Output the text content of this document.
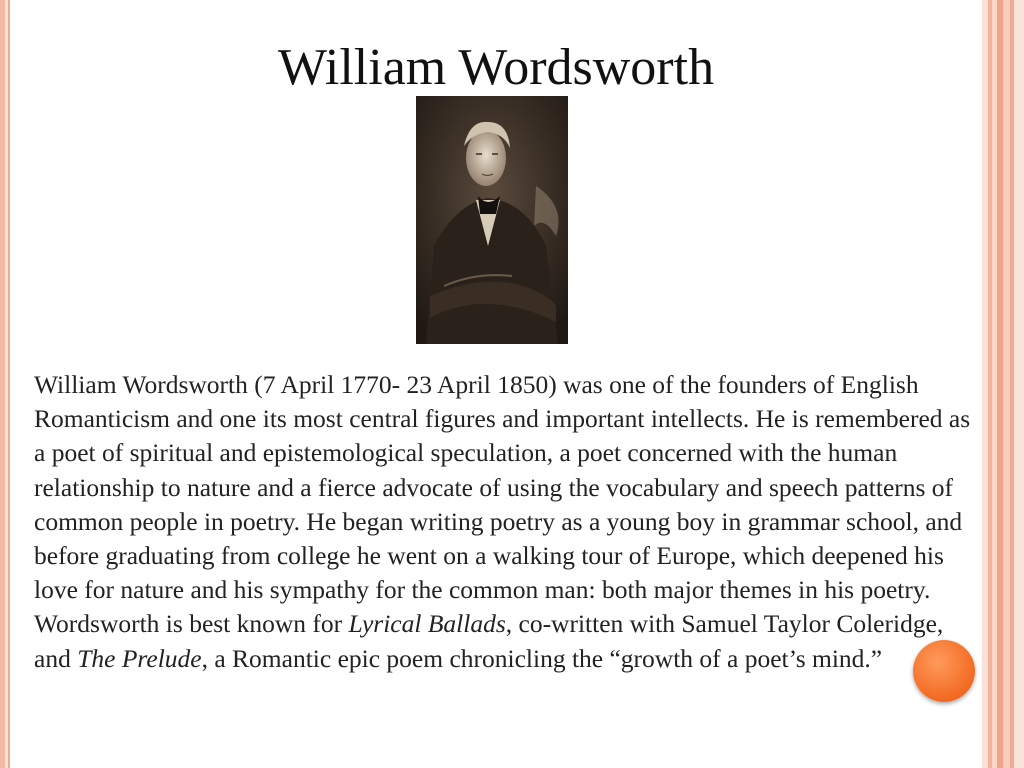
William Wordsworth

William Wordsworth (7 April 1770- 23 April 1850) was one of the founders of English Romanticism and one its most central figures and important intellects. He is remembered as a poet of spiritual and epistemological speculation, a poet concerned with the human relationship to nature and a fierce advocate of using the vocabulary and speech patterns of common people in poetry. He began writing poetry as a young boy in grammar school, and before graduating from college he went on a walking tour of Europe, which deepened his love for nature and his sympathy for the common man: both major themes in his poetry. Wordsworth is best known for Lyrical Ballads, co-written with Samuel Taylor Coleridge, and The Prelude, a Romantic epic poem chronicling the “growth of a poet’s mind.”
